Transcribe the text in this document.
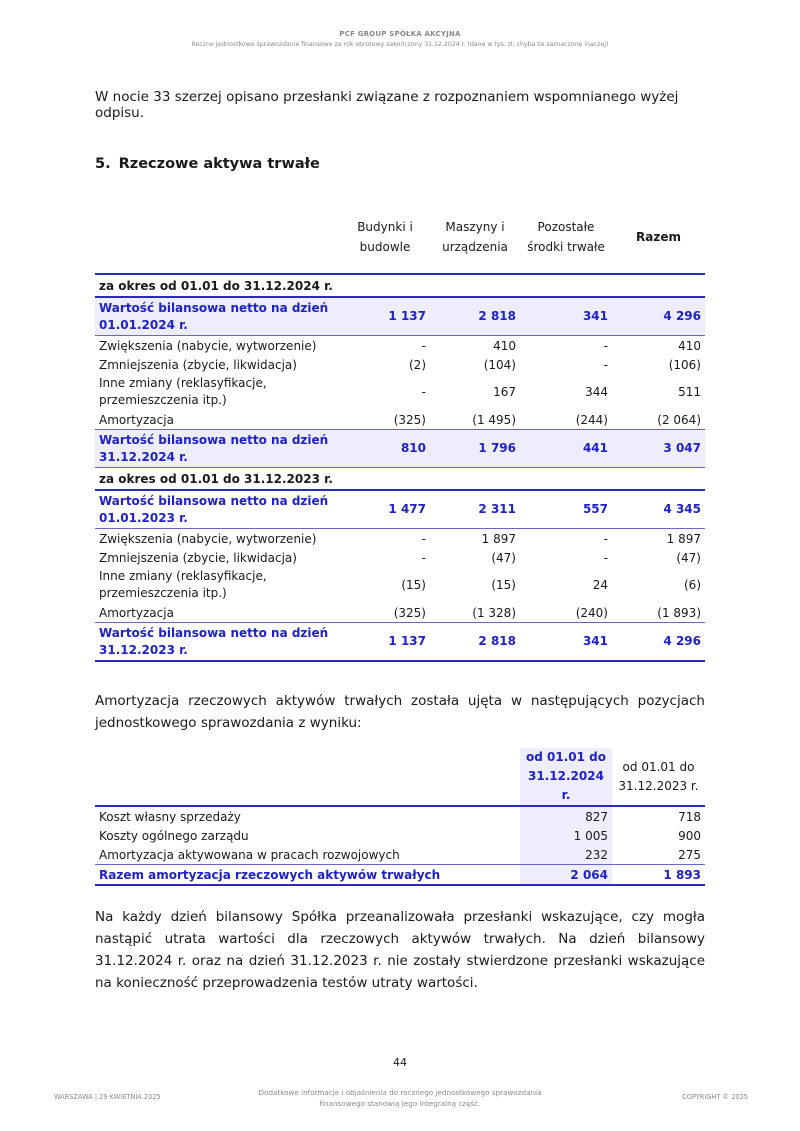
PCF GROUP SPÓŁKA AKCYJNA
Roczne jednostkowe sprawozdanie finansowe za rok obrotowy zakończony 31.12.2024 r. (dane w tys. zł, chyba że zaznaczone inaczej)
W nocie 33 szerzej opisano przesłanki związane z rozpoznaniem wspomnianego wyżej odpisu.
5. Rzeczowe aktywa trwałe
	Budynki i budowle	Maszyny i urządzenia	Pozostałe środki trwałe	Razem
za okres od 01.01 do 31.12.2024 r.				
Wartość bilansowa netto na dzień 01.01.2024 r.	1 137	2 818	341	4 296
Zwiększenia (nabycie, wytworzenie)	-	410	-	410
Zmniejszenia (zbycie, likwidacja)	(2)	(104)	-	(106)
Inne zmiany (reklasyfikacje, przemieszczenia itp.)	-	167	344	511
Amortyzacja	(325)	(1 495)	(244)	(2 064)
Wartość bilansowa netto na dzień 31.12.2024 r.	810	1 796	441	3 047
za okres od 01.01 do 31.12.2023 r.				
Wartość bilansowa netto na dzień 01.01.2023 r.	1 477	2 311	557	4 345
Zwiększenia (nabycie, wytworzenie)	-	1 897	-	1 897
Zmniejszenia (zbycie, likwidacja)	-	(47)	-	(47)
Inne zmiany (reklasyfikacje, przemieszczenia itp.)	(15)	(15)	24	(6)
Amortyzacja	(325)	(1 328)	(240)	(1 893)
Wartość bilansowa netto na dzień 31.12.2023 r.	1 137	2 818	341	4 296
Amortyzacja rzeczowych aktywów trwałych została ujęta w następujących pozycjach jednostkowego sprawozdania z wyniku:
	od 01.01 do 31.12.2024 r.	od 01.01 do 31.12.2023 r.
Koszt własny sprzedaży	827	718
Koszty ogólnego zarządu	1 005	900
Amortyzacja aktywowana w pracach rozwojowych	232	275
Razem amortyzacja rzeczowych aktywów trwałych	2 064	1 893
Na każdy dzień bilansowy Spółka przeanalizowała przesłanki wskazujące, czy mogła nastąpić utrata wartości dla rzeczowych aktywów trwałych. Na dzień bilansowy 31.12.2024 r. oraz na dzień 31.12.2023 r. nie zostały stwierdzone przesłanki wskazujące na konieczność przeprowadzenia testów utraty wartości.
44
WARSZAWA | 29 KWIETNIA 2025	Dodatkowe informacje i objaśnienia do rocznego jednostkowego sprawozdania finansowego stanowią jego integralną część.
COPYRIGHT © 2025
